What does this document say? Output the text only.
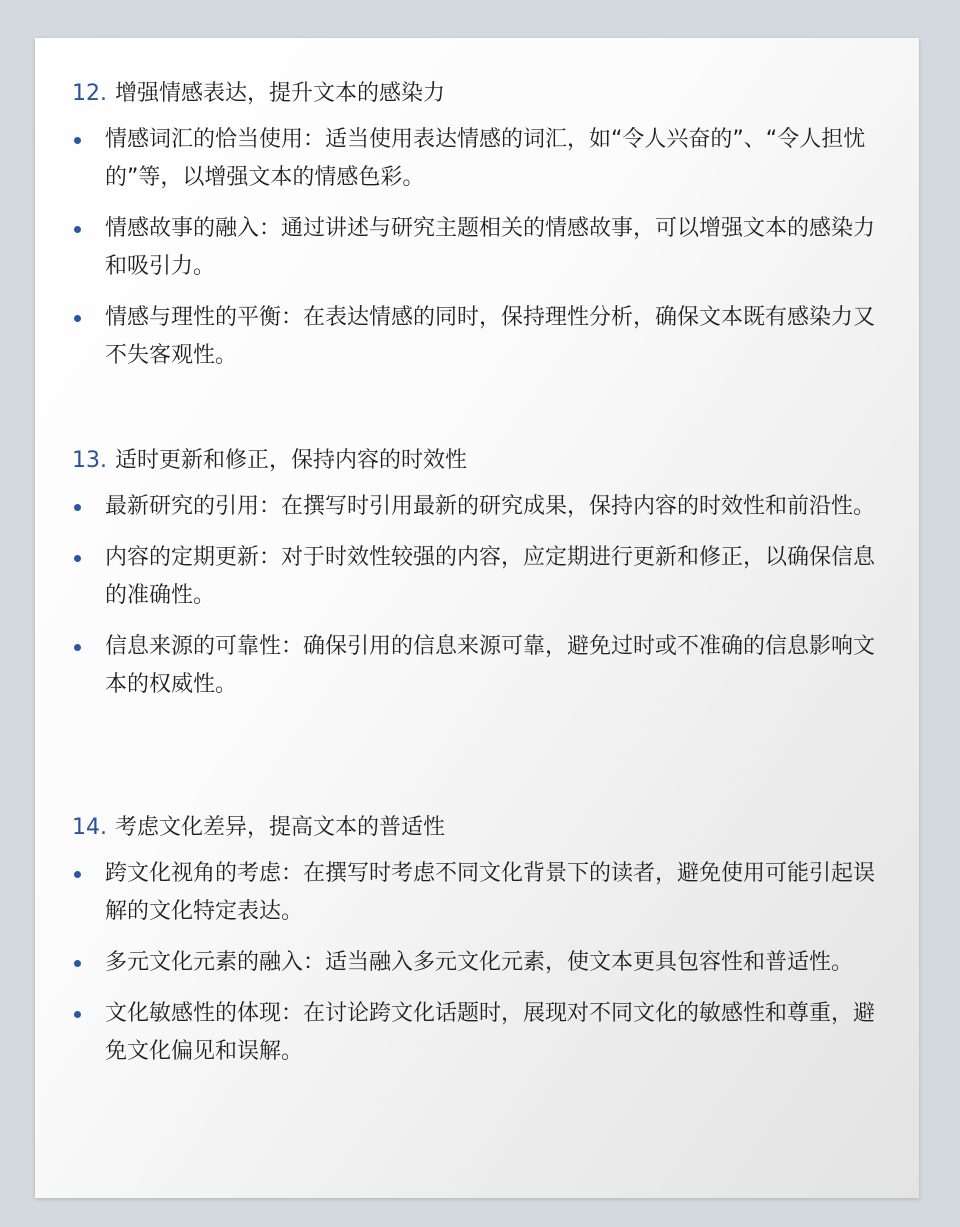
12. 增强情感表达，提升文本的感染力
情感词汇的恰当使用：适当使用表达情感的词汇，如“令人兴奋的”、“令人担忧的”等，以增强文本的情感色彩。
情感故事的融入：通过讲述与研究主题相关的情感故事，可以增强文本的感染力和吸引力。
情感与理性的平衡：在表达情感的同时，保持理性分析，确保文本既有感染力又不失客观性。
13. 适时更新和修正，保持内容的时效性
最新研究的引用：在撰写时引用最新的研究成果，保持内容的时效性和前沿性。
内容的定期更新：对于时效性较强的内容，应定期进行更新和修正，以确保信息的准确性。
信息来源的可靠性：确保引用的信息来源可靠，避免过时或不准确的信息影响文本的权威性。
14. 考虑文化差异，提高文本的普适性
跨文化视角的考虑：在撰写时考虑不同文化背景下的读者，避免使用可能引起误解的文化特定表达。
多元文化元素的融入：适当融入多元文化元素，使文本更具包容性和普适性。
文化敏感性的体现：在讨论跨文化话题时，展现对不同文化的敏感性和尊重，避免文化偏见和误解。
